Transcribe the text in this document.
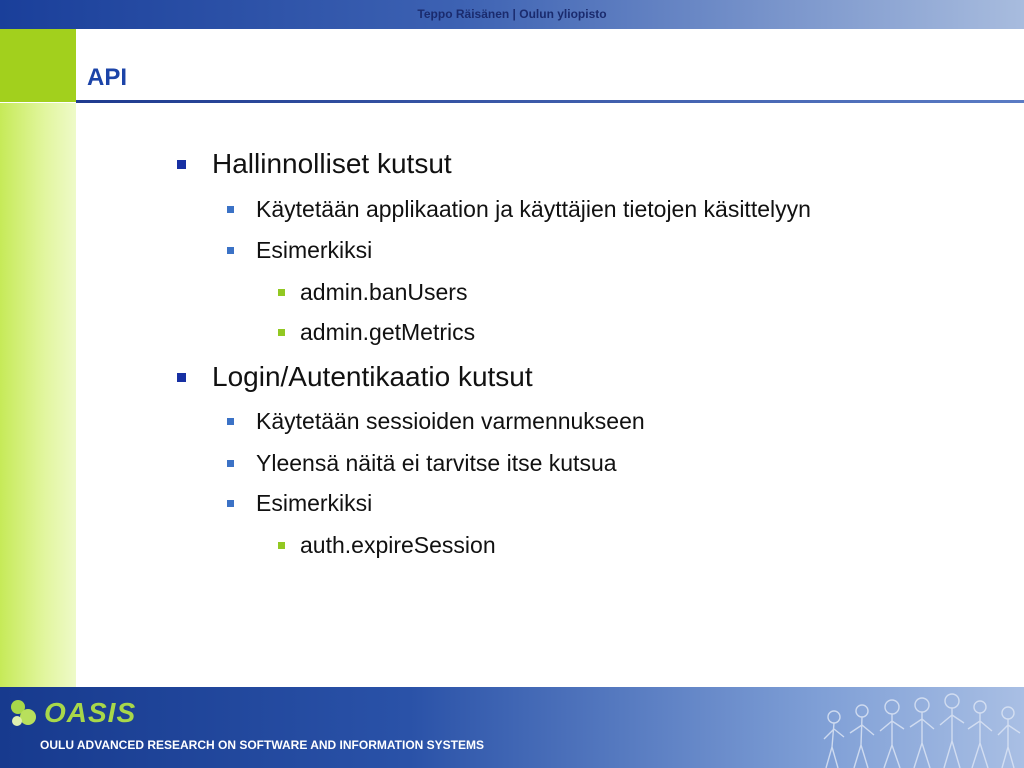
Teppo Räisänen | Oulun yliopisto
API
Hallinnolliset kutsut
Käytetään applikaation ja käyttäjien tietojen käsittelyyn
Esimerkiksi
admin.banUsers
admin.getMetrics
Login/Autentikaatio kutsut
Käytetään sessioiden varmennukseen
Yleensä näitä ei tarvitse itse kutsua
Esimerkiksi
auth.expireSession
OASIS
OULU ADVANCED RESEARCH ON SOFTWARE AND INFORMATION SYSTEMS
